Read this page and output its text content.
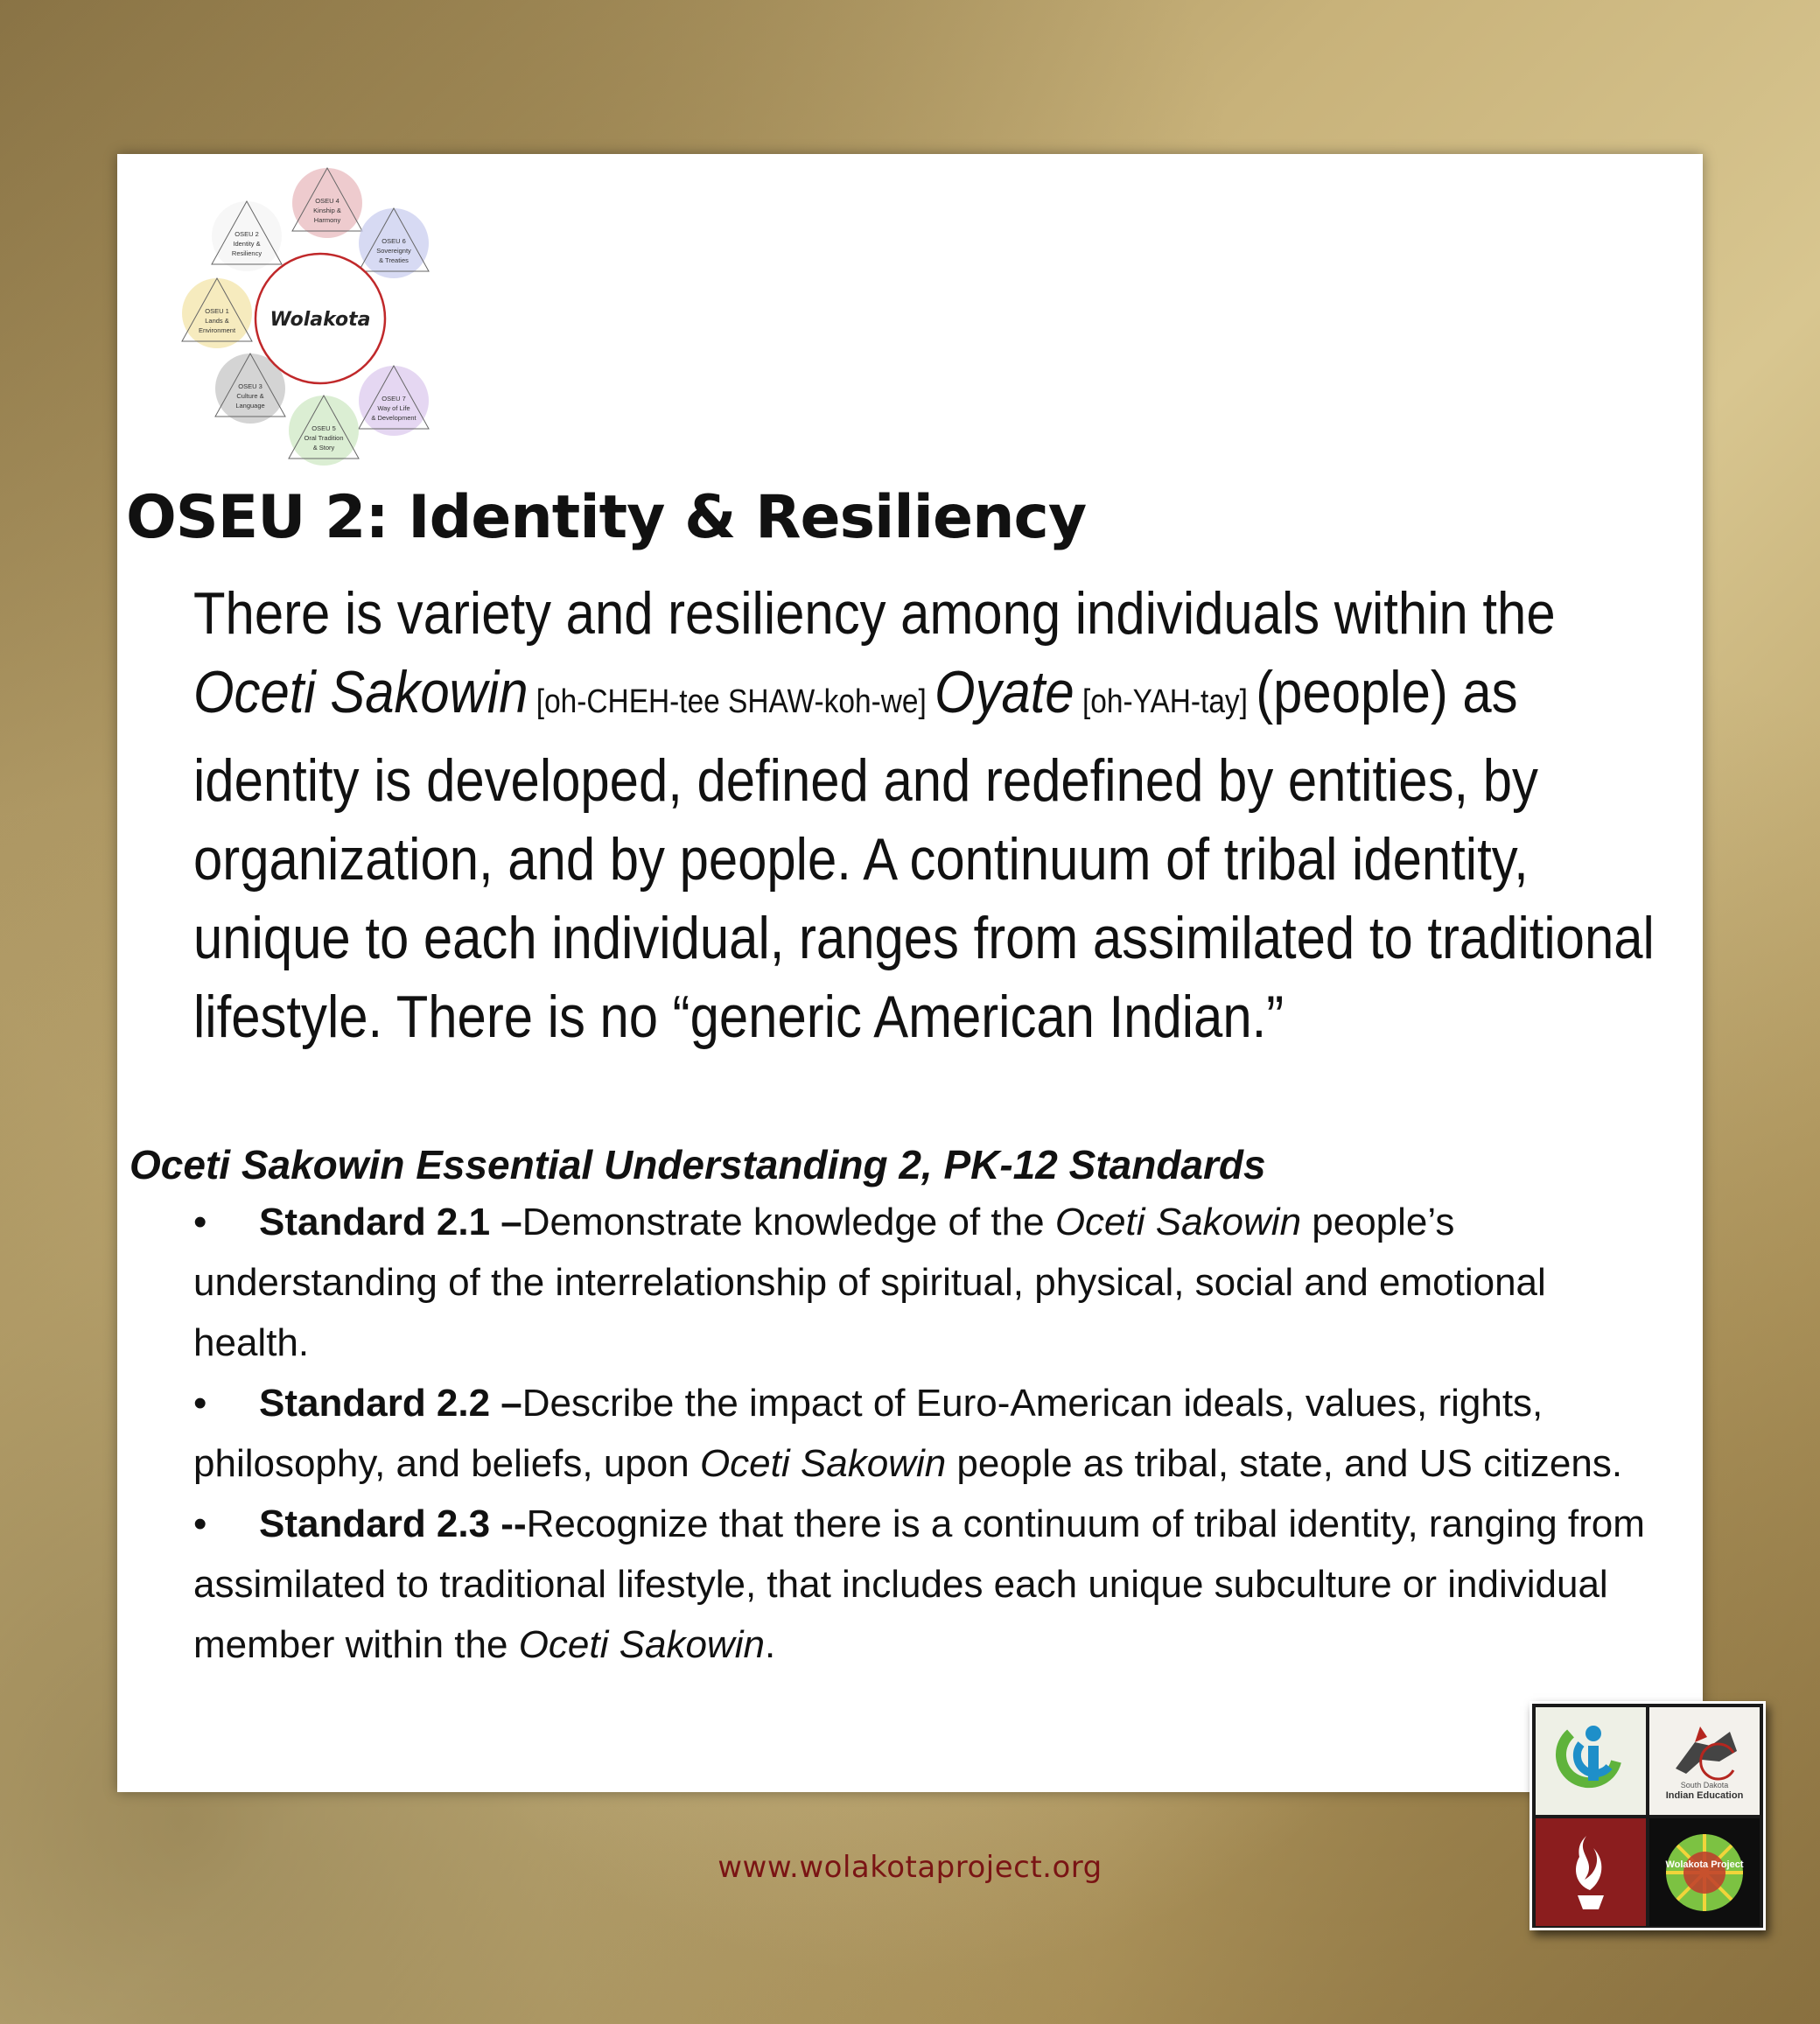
OSEU 4
Kinship &
Harmony
OSEU 2
Identity &
Resiliency
OSEU 6
Sovereignty
& Treaties
OSEU 1
Lands &
Environment
OSEU 3
Culture &
Language
OSEU 7
Way of Life
& Development
OSEU 5
Oral Tradition
& Story
Wolakota
OSEU 2: Identity & Resiliency
There is variety and resiliency among individuals within the Oceti Sakowin [oh-CHEH-tee SHAW-koh-we] Oyate [oh-YAH-tay] (people) as identity is developed, defined and redefined by entities, by organization, and by people. A continuum of tribal identity, unique to each individual, ranges from assimilated to traditional lifestyle. There is no “generic American Indian.”
Oceti Sakowin Essential Understanding 2, PK-12 Standards

• Standard 2.1 –Demonstrate knowledge of the Oceti Sakowin people’s understanding of the interrelationship of spiritual, physical, social and emotional health.

• Standard 2.2 –Describe the impact of Euro-American ideals, values, rights, philosophy, and beliefs, upon Oceti Sakowin people as tribal, state, and US citizens.

• Standard 2.3 --Recognize that there is a continuum of tribal identity, ranging from assimilated to traditional lifestyle, that includes each unique subculture or individual member within the Oceti Sakowin.

South Dakota
Indian Education
Wolakota Project
www.wolakotaproject.org
